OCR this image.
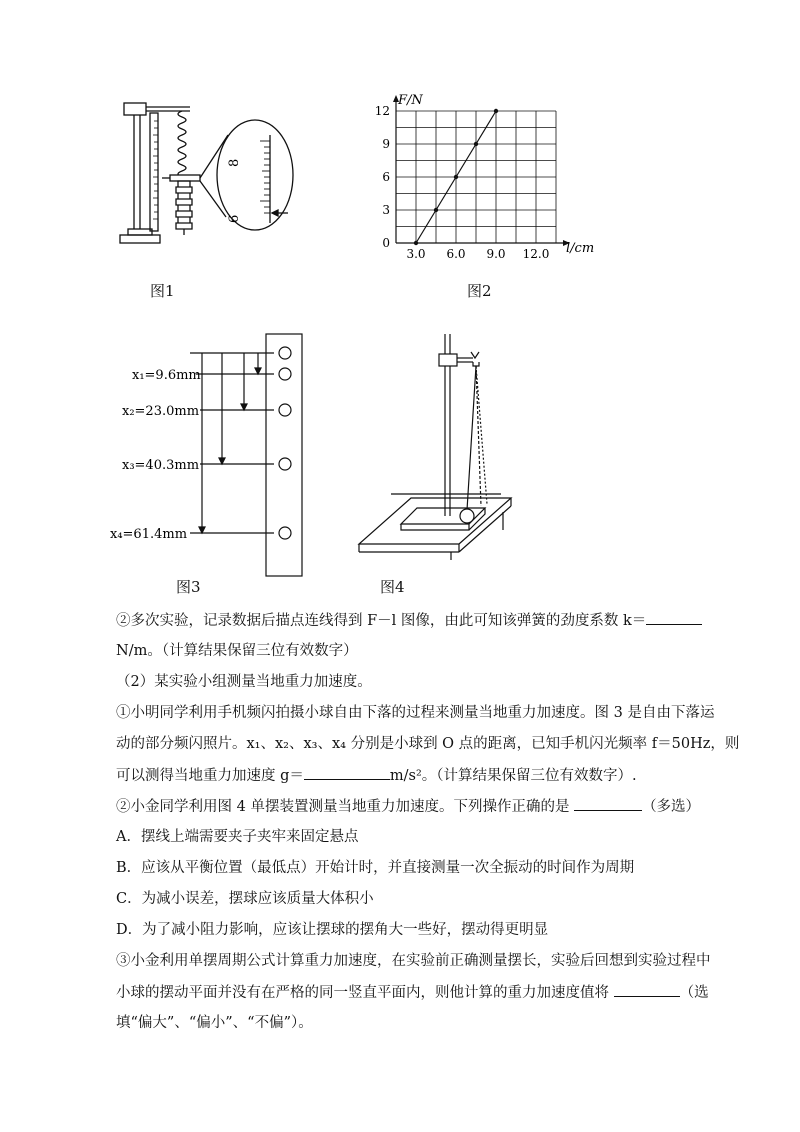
8
6
图1
3.0 6.0 9.0 12.0
0
3
6
9
12
F/N
l/cm
图2
x₁=9.6mm
x₂=23.0mm
x₃=40.3mm
x₄=61.4mm
图3	图4
②多次实验，记录数据后描点连线得到 F－l 图像，由此可知该弹簧的劲度系数 k＝
N/m。（计算结果保留三位有效数字）
（2）某实验小组测量当地重力加速度。
①小明同学利用手机频闪拍摄小球自由下落的过程来测量当地重力加速度。图 3 是自由下落运
动的部分频闪照片。x₁、x₂、x₃、x₄ 分别是小球到 O 点的距离，已知手机闪光频率 f＝50Hz，则
可以测得当地重力加速度 g＝	m/s²。（计算结果保留三位有效数字）.
②小金同学利用图 4 单摆装置测量当地重力加速度。下列操作正确的是	（多选）
A．摆线上端需要夹子夹牢来固定悬点
B．应该从平衡位置（最低点）开始计时，并直接测量一次全振动的时间作为周期
C．为减小误差，摆球应该质量大体积小
D．为了减小阻力影响，应该让摆球的摆角大一些好，摆动得更明显
③小金利用单摆周期公式计算重力加速度，在实验前正确测量摆长，实验后回想到实验过程中
小球的摆动平面并没有在严格的同一竖直平面内，则他计算的重力加速度值将	（选
填“偏大”、“偏小”、“不偏”）。
